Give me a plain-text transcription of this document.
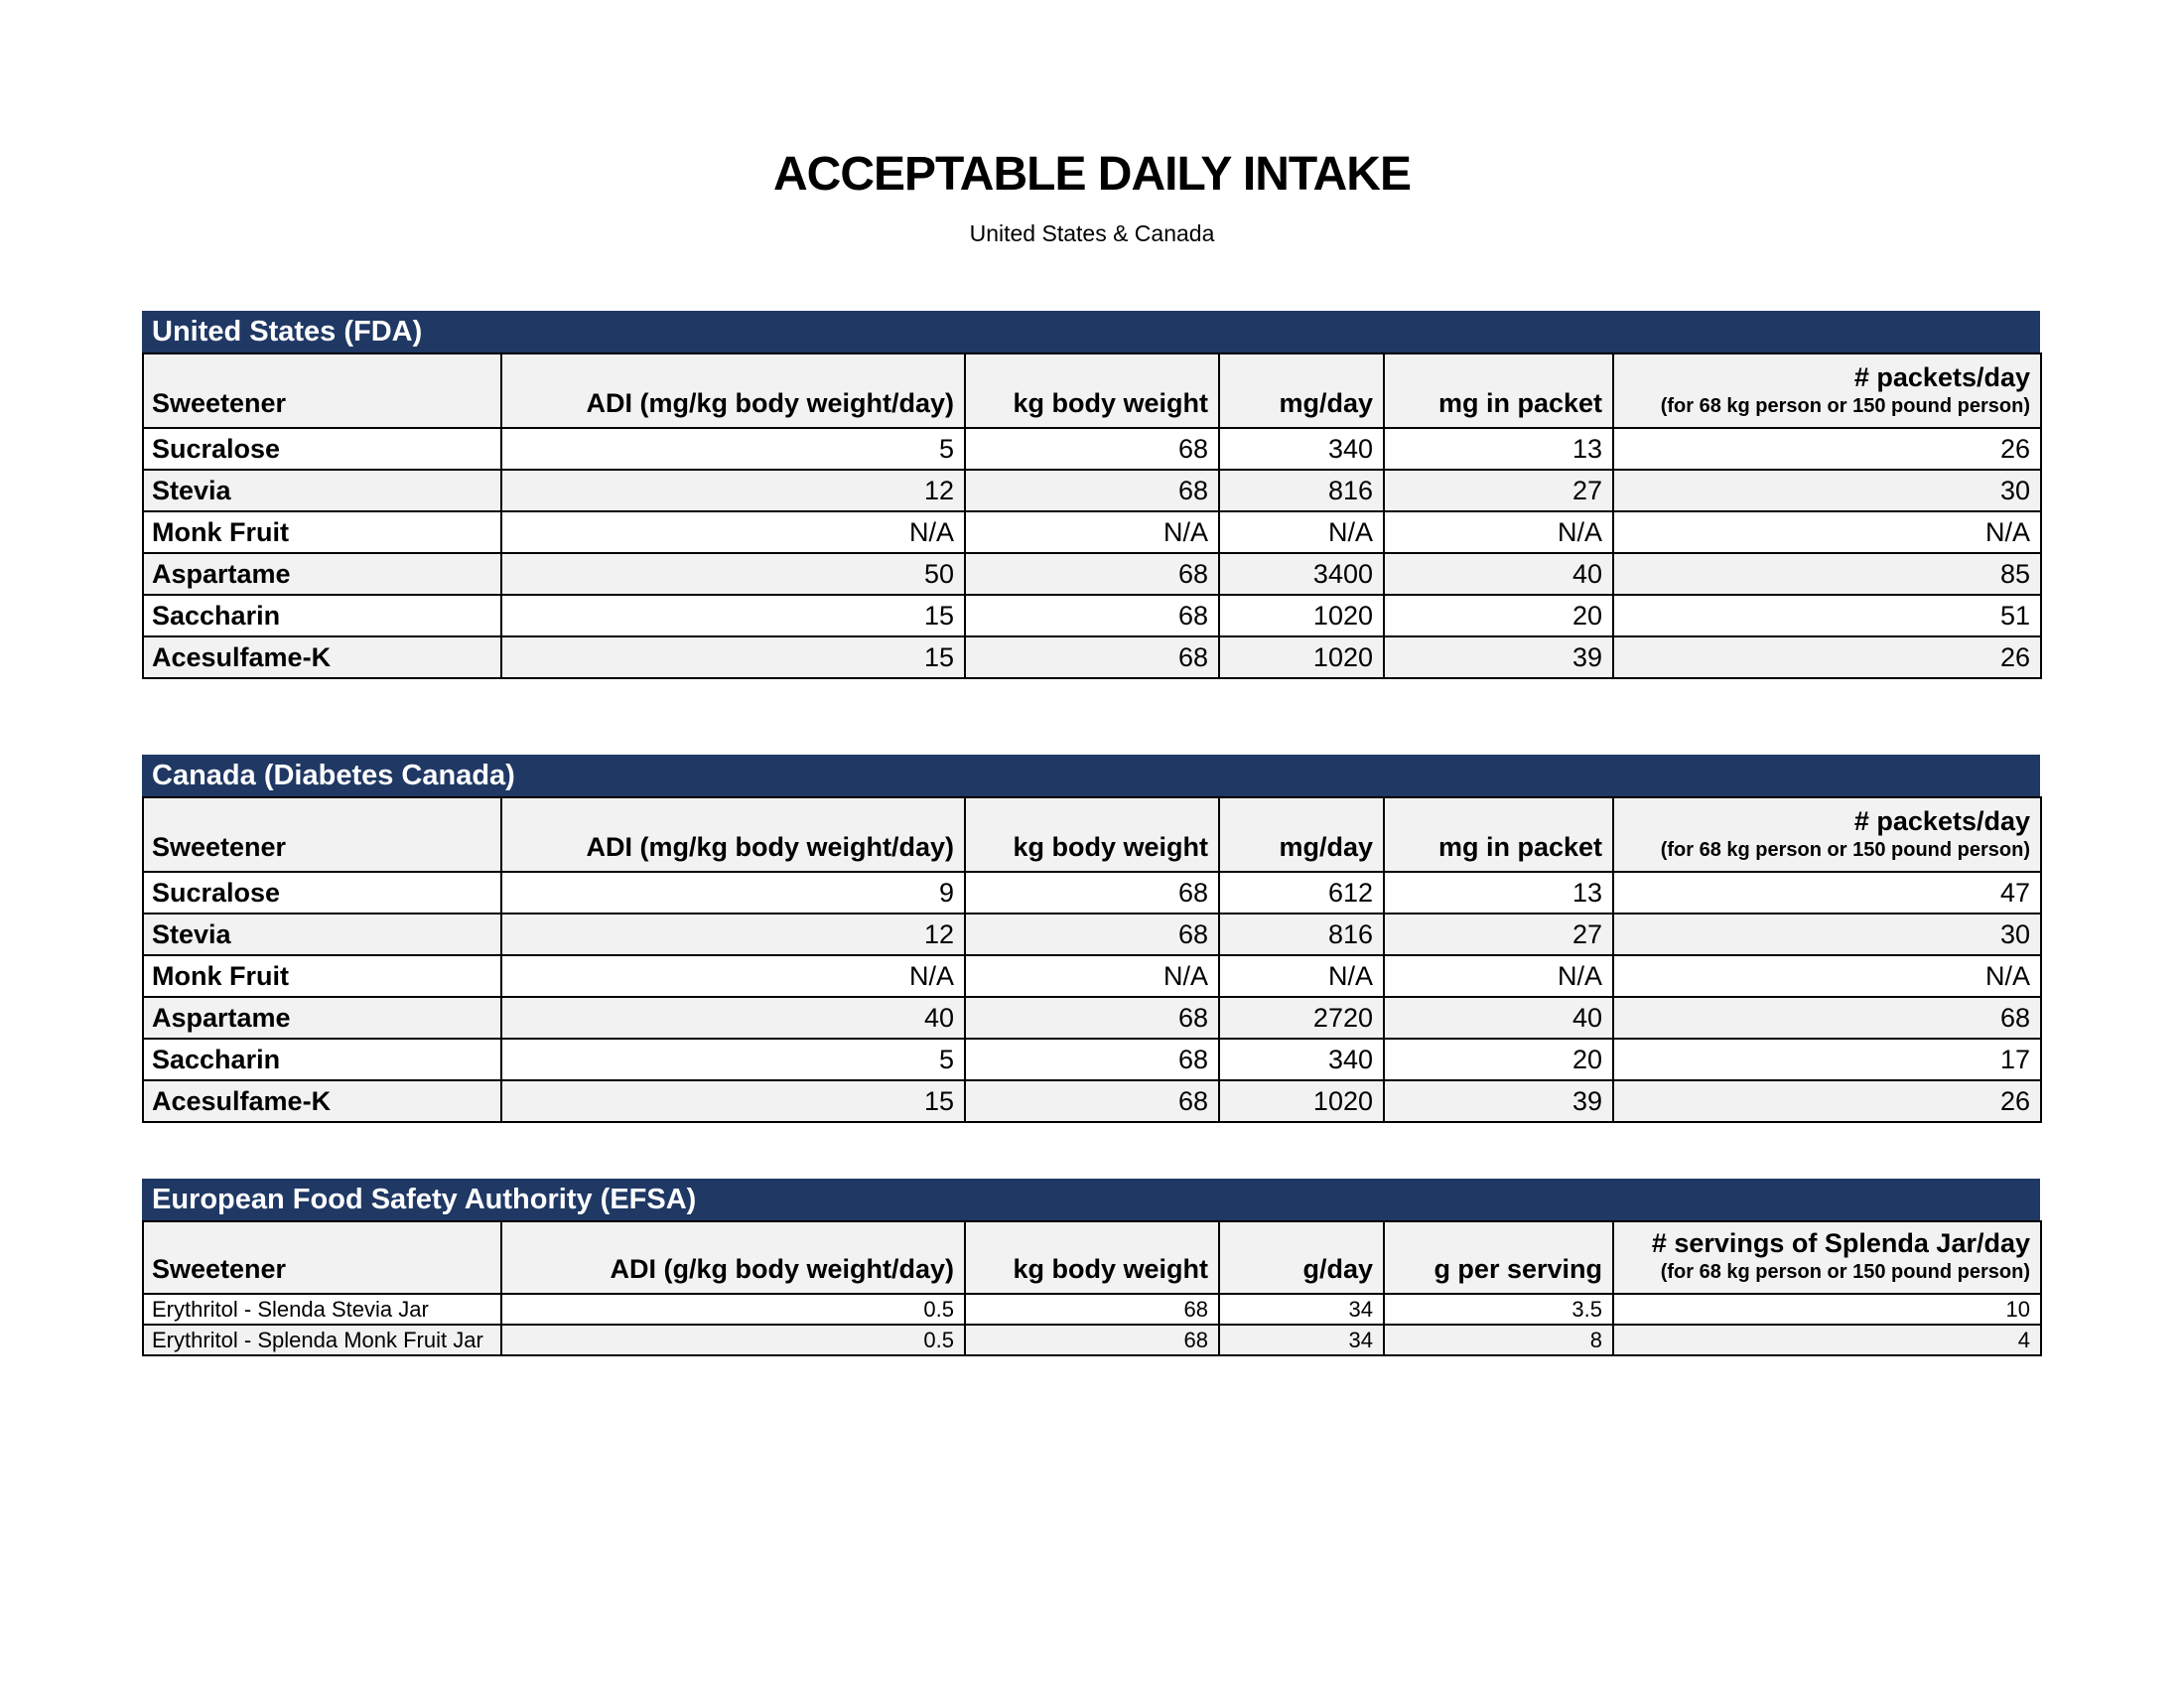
ACCEPTABLE DAILY INTAKE
United States & Canada
United States (FDA)
Sweetener	ADI (mg/kg body weight/day)	kg body weight	mg/day	mg in packet	# packets/day
(for 68 kg person or 150 pound person)

Sucralose	5	68	340	13	26
Stevia	12	68	816	27	30
Monk Fruit	N/A	N/A	N/A	N/A	N/A
Aspartame	50	68	3400	40	85
Saccharin	15	68	1020	20	51
Acesulfame-K	15	68	1020	39	26
Canada (Diabetes Canada)
Sweetener	ADI (mg/kg body weight/day)	kg body weight	mg/day	mg in packet	# packets/day
(for 68 kg person or 150 pound person)

Sucralose	9	68	612	13	47
Stevia	12	68	816	27	30
Monk Fruit	N/A	N/A	N/A	N/A	N/A
Aspartame	40	68	2720	40	68
Saccharin	5	68	340	20	17
Acesulfame-K	15	68	1020	39	26
European Food Safety Authority (EFSA)
Sweetener	ADI (g/kg body weight/day)	kg body weight	g/day	g per serving	# servings of Splenda Jar/day
(for 68 kg person or 150 pound person)

Erythritol - Slenda Stevia Jar	0.5	68	34	3.5	10
Erythritol - Splenda Monk Fruit Jar	0.5	68	34	8	4
